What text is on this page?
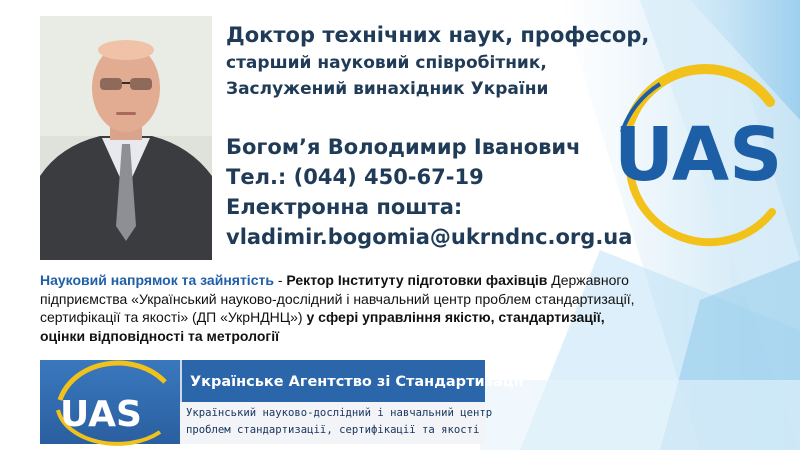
Доктор технічних наук, професор,
старший науковий співробітник,
Заслужений винахідник України
Богом’я Володимир Іванович
Тел.: (044) 450-67-19
Електронна пошта:
vladimir.bogomia@ukrndnc.org.ua
UAS
Науковий напрямок та зайнятість - Ректор Інституту підготовки фахівців Державного підприємства «Український науково-дослідний і навчальний центр проблем стандартизації, сертифікації та якості» (ДП «УкрНДНЦ») у сфері управління якістю, стандартизації, оцінки відповідності та метрології
UAS
Українське Агентство зі Стандартизації
Український науково-дослідний і навчальний центр
проблем стандартизації, сертифікації та якості
